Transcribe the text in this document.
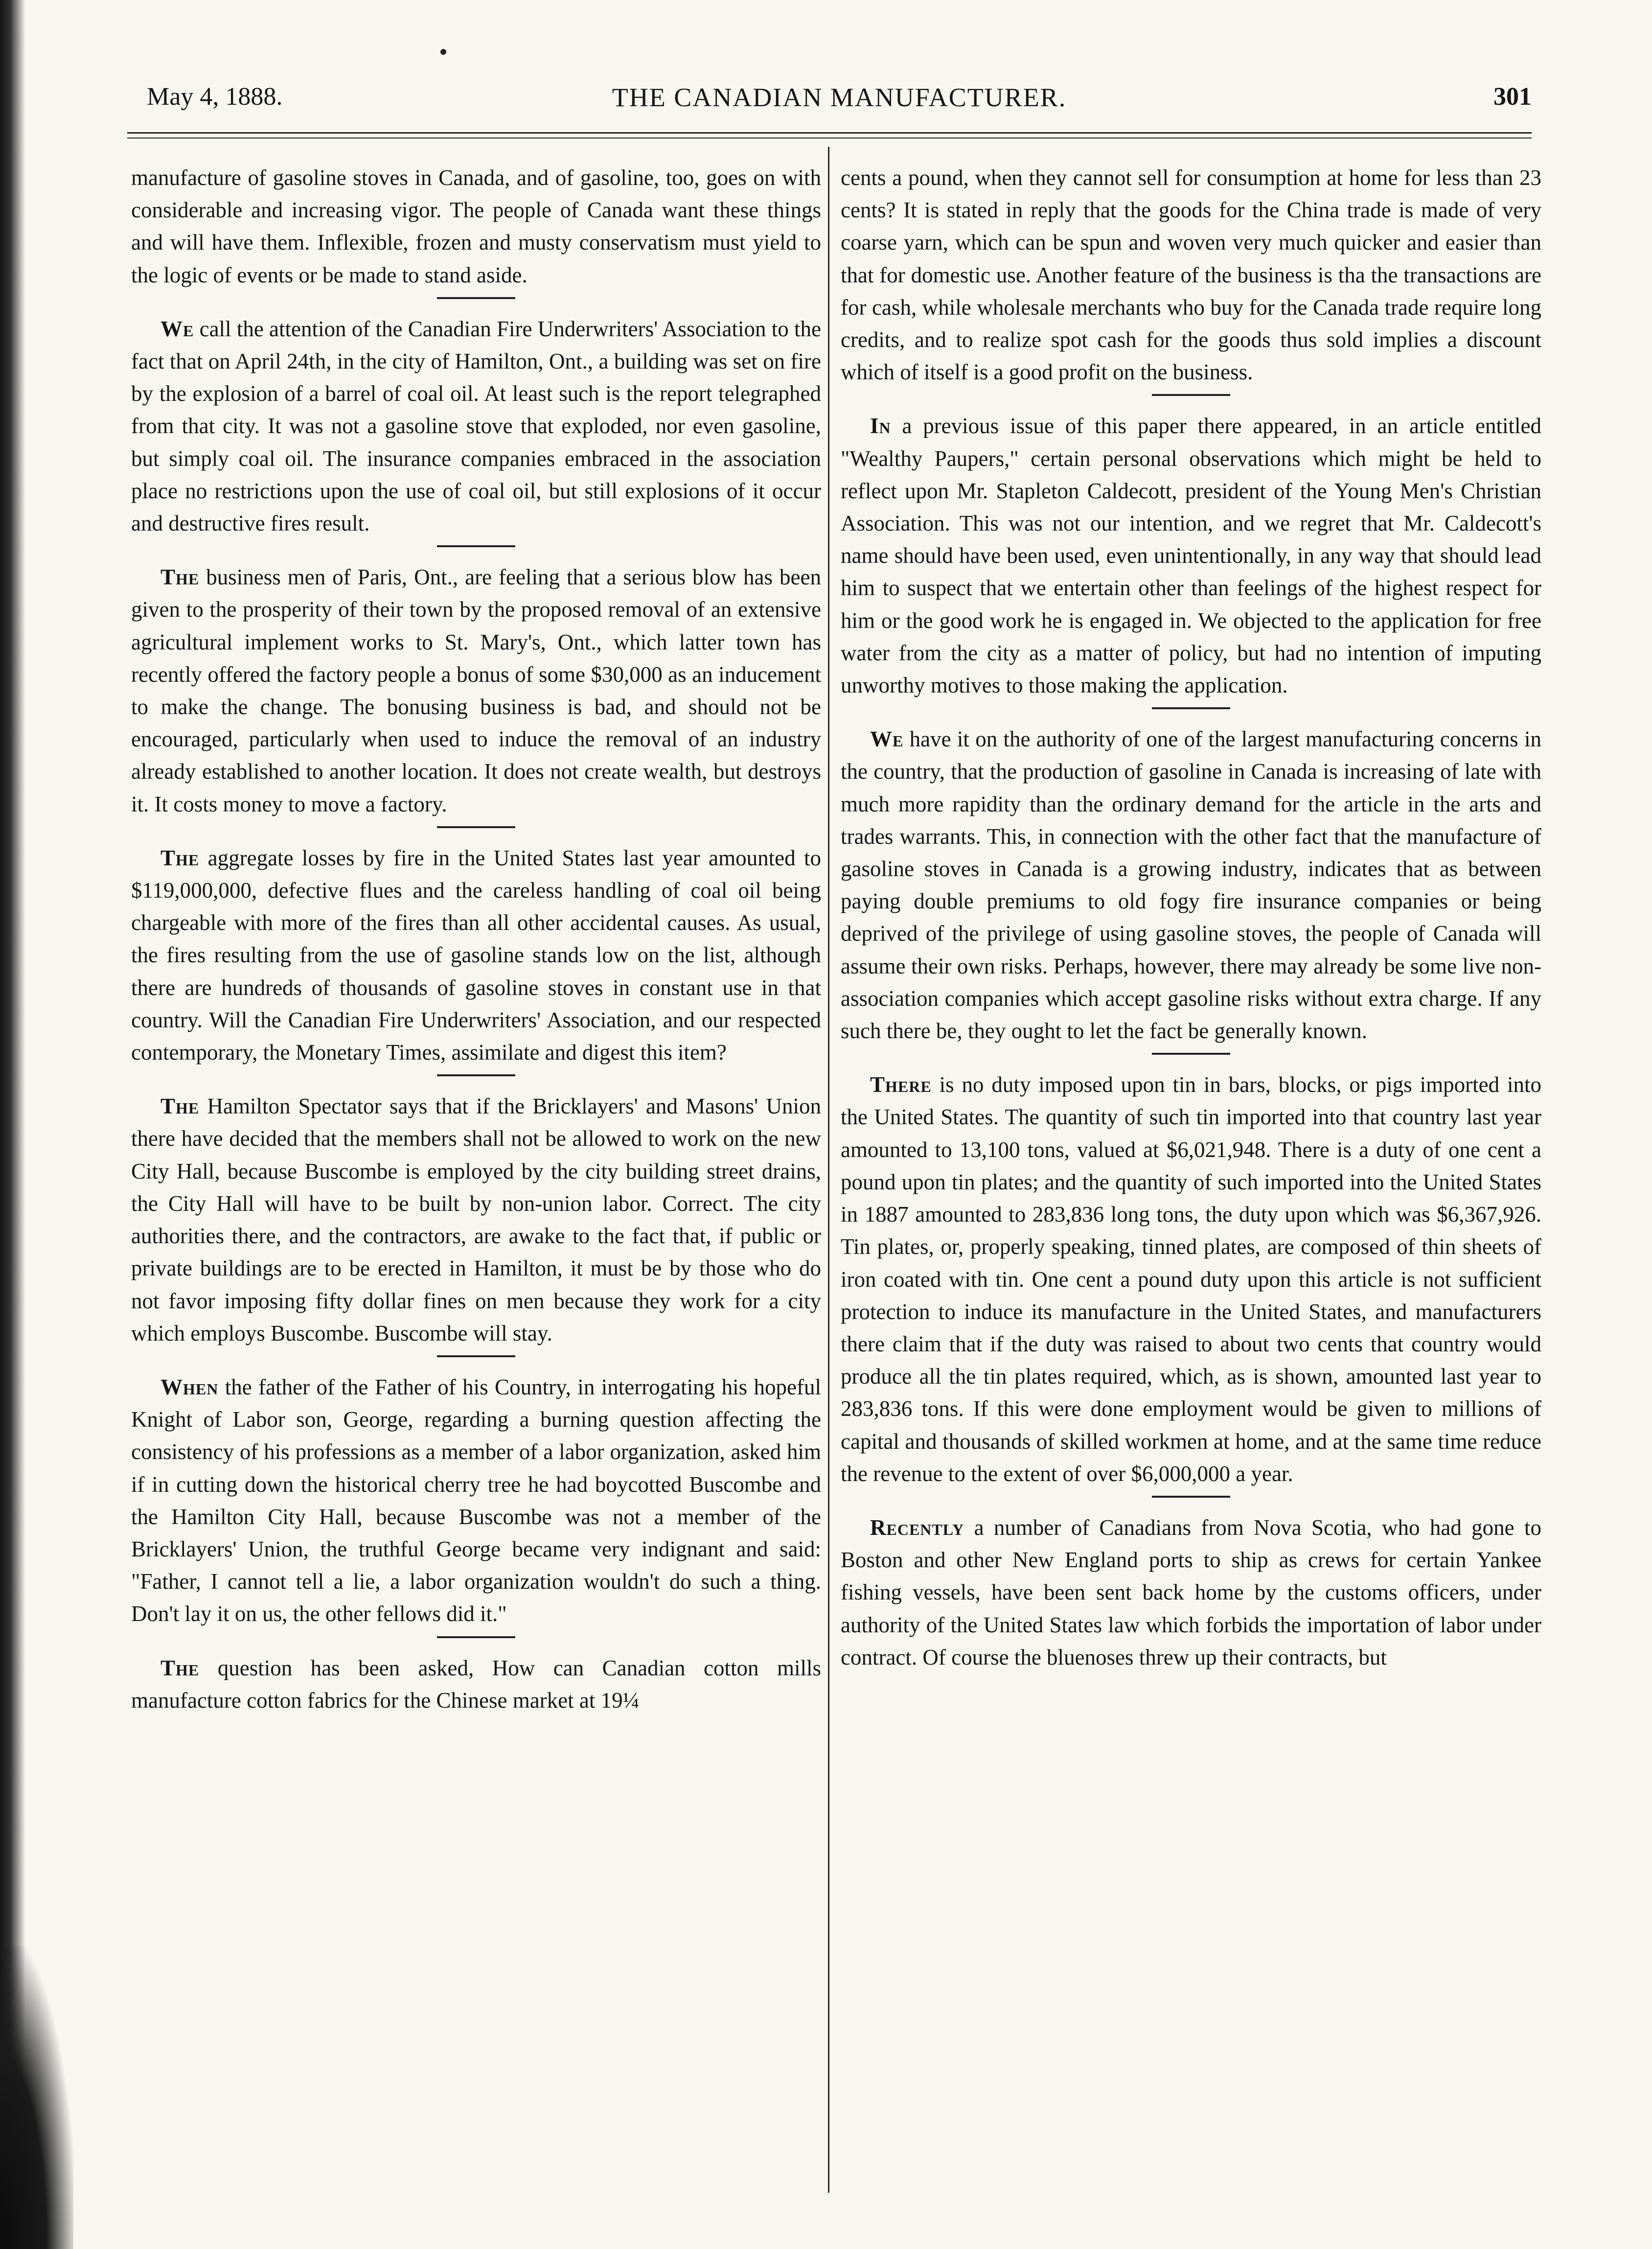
May 4, 1888.	THE CANADIAN MANUFACTURER.	301

manufacture of gasoline stoves in Canada, and of gasoline, too, goes on with considerable and increasing vigor. The people of Canada want these things and will have them. Inflexible, frozen and musty conservatism must yield to the logic of events or be made to stand aside.

We call the attention of the Canadian Fire Underwriters' Association to the fact that on April 24th, in the city of Hamilton, Ont., a building was set on fire by the explosion of a barrel of coal oil. At least such is the report telegraphed from that city. It was not a gasoline stove that exploded, nor even gasoline, but simply coal oil. The insurance companies embraced in the association place no restrictions upon the use of coal oil, but still explosions of it occur and destructive fires result.

The business men of Paris, Ont., are feeling that a serious blow has been given to the prosperity of their town by the proposed removal of an extensive agricultural implement works to St. Mary's, Ont., which latter town has recently offered the factory people a bonus of some $30,000 as an inducement to make the change. The bonusing business is bad, and should not be encouraged, particularly when used to induce the removal of an industry already established to another location. It does not create wealth, but destroys it. It costs money to move a factory.

The aggregate losses by fire in the United States last year amounted to $119,000,000, defective flues and the careless handling of coal oil being chargeable with more of the fires than all other accidental causes. As usual, the fires resulting from the use of gasoline stands low on the list, although there are hundreds of thousands of gasoline stoves in constant use in that country. Will the Canadian Fire Underwriters' Association, and our respected contemporary, the Monetary Times, assimilate and digest this item?

The Hamilton Spectator says that if the Bricklayers' and Masons' Union there have decided that the members shall not be allowed to work on the new City Hall, because Buscombe is employed by the city building street drains, the City Hall will have to be built by non-union labor. Correct. The city authorities there, and the contractors, are awake to the fact that, if public or private buildings are to be erected in Hamilton, it must be by those who do not favor imposing fifty dollar fines on men because they work for a city which employs Buscombe. Buscombe will stay.

When the father of the Father of his Country, in interrogating his hopeful Knight of Labor son, George, regarding a burning question affecting the consistency of his professions as a member of a labor organization, asked him if in cutting down the historical cherry tree he had boycotted Buscombe and the Hamilton City Hall, because Buscombe was not a member of the Bricklayers' Union, the truthful George became very indignant and said: "Father, I cannot tell a lie, a labor organization wouldn't do such a thing. Don't lay it on us, the other fellows did it."

The question has been asked, How can Canadian cotton mills manufacture cotton fabrics for the Chinese market at 19¼

cents a pound, when they cannot sell for consumption at home for less than 23 cents? It is stated in reply that the goods for the China trade is made of very coarse yarn, which can be spun and woven very much quicker and easier than that for domestic use. Another feature of the business is tha the transactions are for cash, while wholesale merchants who buy for the Canada trade require long credits, and to realize spot cash for the goods thus sold implies a discount which of itself is a good profit on the business.

In a previous issue of this paper there appeared, in an article entitled "Wealthy Paupers," certain personal observations which might be held to reflect upon Mr. Stapleton Caldecott, president of the Young Men's Christian Association. This was not our intention, and we regret that Mr. Caldecott's name should have been used, even unintentionally, in any way that should lead him to suspect that we entertain other than feelings of the highest respect for him or the good work he is engaged in. We objected to the application for free water from the city as a matter of policy, but had no intention of imputing unworthy motives to those making the application.

We have it on the authority of one of the largest manufacturing concerns in the country, that the production of gasoline in Canada is increasing of late with much more rapidity than the ordinary demand for the article in the arts and trades warrants. This, in connection with the other fact that the manufacture of gasoline stoves in Canada is a growing industry, indicates that as between paying double premiums to old fogy fire insurance companies or being deprived of the privilege of using gasoline stoves, the people of Canada will assume their own risks. Perhaps, however, there may already be some live non-association companies which accept gasoline risks without extra charge. If any such there be, they ought to let the fact be generally known.

There is no duty imposed upon tin in bars, blocks, or pigs imported into the United States. The quantity of such tin imported into that country last year amounted to 13,100 tons, valued at $6,021,948. There is a duty of one cent a pound upon tin plates; and the quantity of such imported into the United States in 1887 amounted to 283,836 long tons, the duty upon which was $6,367,926. Tin plates, or, properly speaking, tinned plates, are composed of thin sheets of iron coated with tin. One cent a pound duty upon this article is not sufficient protection to induce its manufacture in the United States, and manufacturers there claim that if the duty was raised to about two cents that country would produce all the tin plates required, which, as is shown, amounted last year to 283,836 tons. If this were done employment would be given to millions of capital and thousands of skilled workmen at home, and at the same time reduce the revenue to the extent of over $6,000,000 a year.

Recently a number of Canadians from Nova Scotia, who had gone to Boston and other New England ports to ship as crews for certain Yankee fishing vessels, have been sent back home by the customs officers, under authority of the United States law which forbids the importation of labor under contract. Of course the bluenoses threw up their contracts, but
